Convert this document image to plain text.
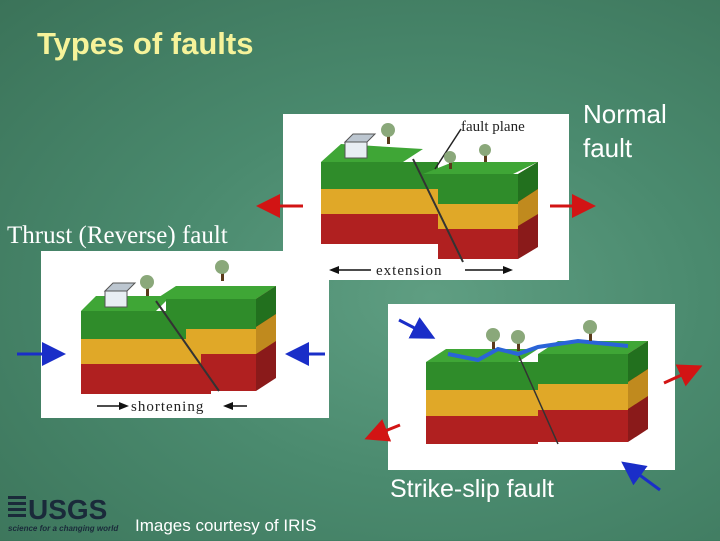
Types of faults
Normal
fault
fault plane
extension
Thrust (Reverse) fault
shortening
Strike-slip fault
USGS
science for a changing world Images courtesy of IRIS
